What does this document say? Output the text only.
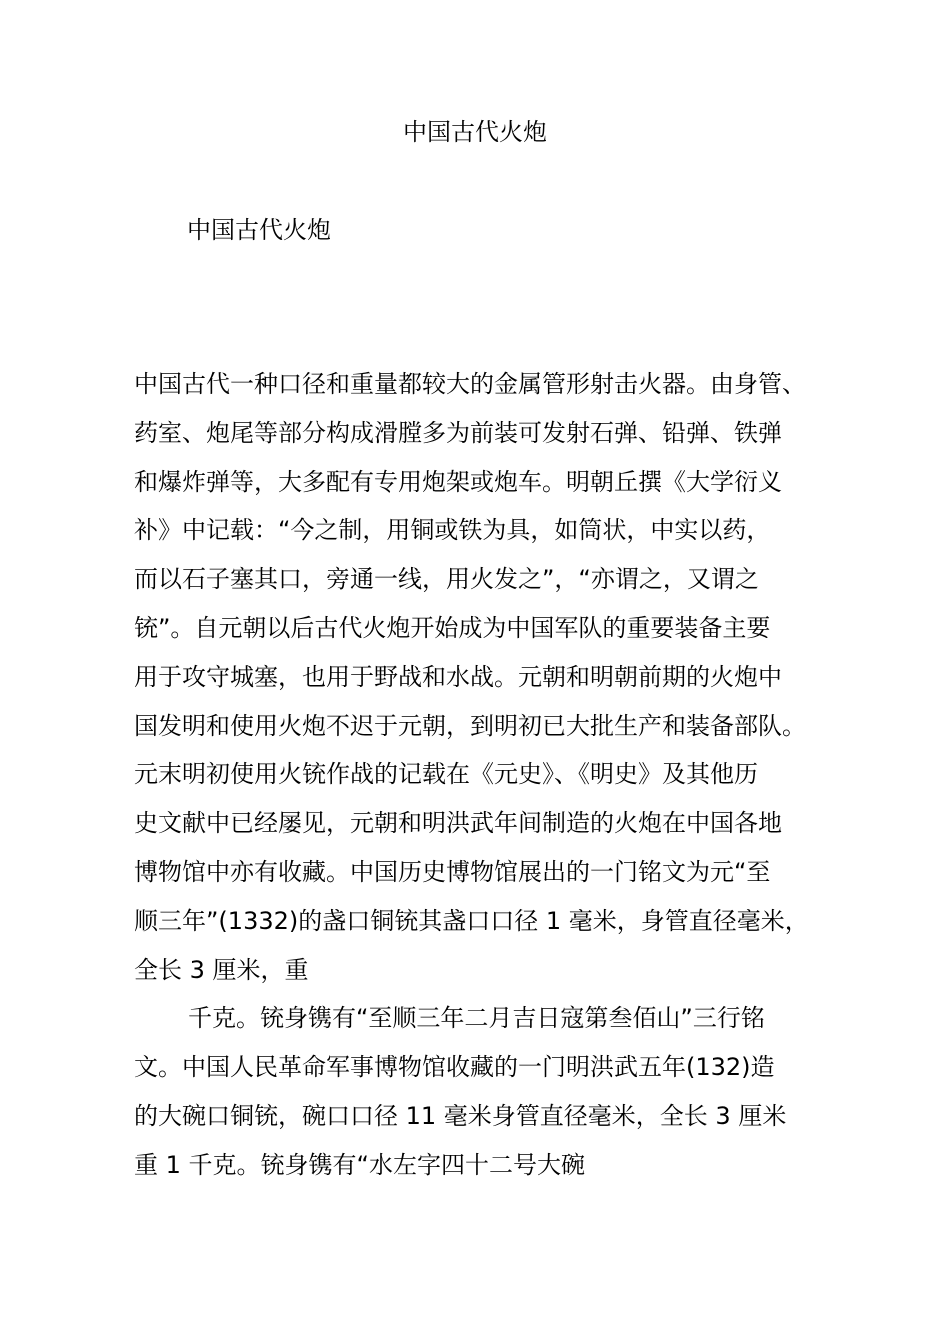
中国古代火炮
中国古代火炮
中国古代一种口径和重量都较大的金属管形射击火器。由身管、
药室、炮尾等部分构成滑膛多为前装可发射石弹、铅弹、铁弹
和爆炸弹等，大多配有专用炮架或炮车。明朝丘撰《大学衍义
补》中记载：“今之制，用铜或铁为具，如筒状，中实以药，
而以石子塞其口，旁通一线，用火发之”，“亦谓之，又谓之
铳”。自元朝以后古代火炮开始成为中国军队的重要装备主要
用于攻守城塞，也用于野战和水战。元朝和明朝前期的火炮中
国发明和使用火炮不迟于元朝，到明初已大批生产和装备部队。
元末明初使用火铳作战的记载在《元史》、《明史》及其他历
史文献中已经屡见，元朝和明洪武年间制造的火炮在中国各地
博物馆中亦有收藏。中国历史博物馆展出的一门铭文为元“至
顺三年”(1332)的盏口铜铳其盏口口径 1 毫米，身管直径毫米，
全长 3 厘米，重
千克。铳身镌有“至顺三年二月吉日寇第叁佰山”三行铭
文。中国人民革命军事博物馆收藏的一门明洪武五年(132)造
的大碗口铜铳，碗口口径 11 毫米身管直径毫米，全长 3 厘米
重 1 千克。铳身镌有“水左字四十二号大碗
